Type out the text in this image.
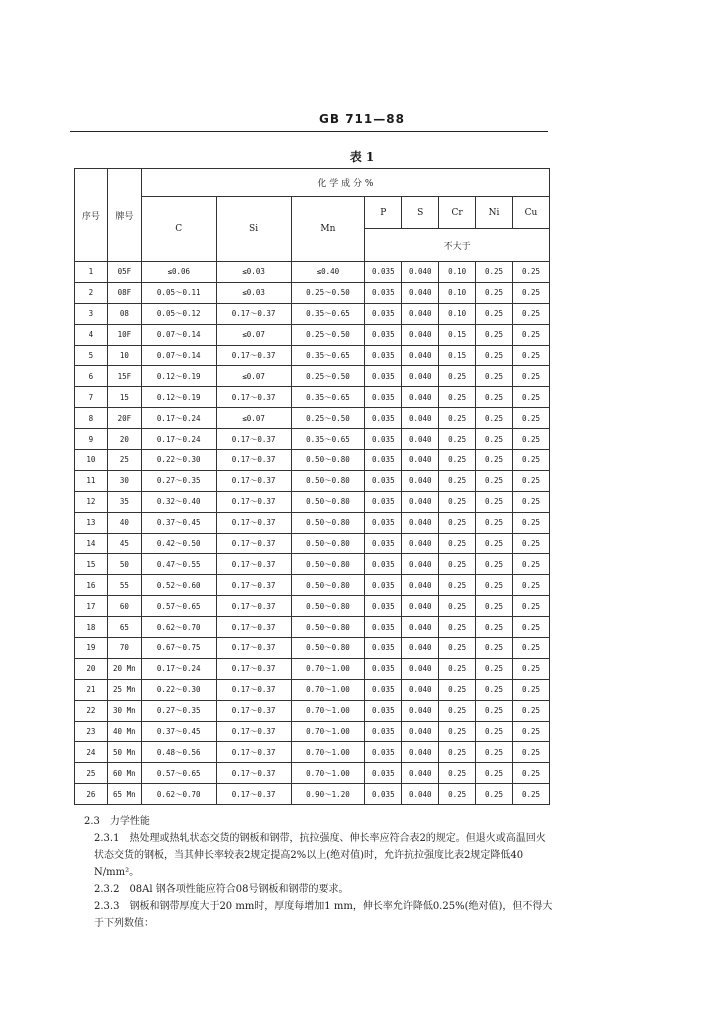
GB 711—88
表 1
序号	牌号	化 学 成 分 %							
		C	Si	Mn	P	S	Cr	Ni	Cu
					不大于				
1	05F	≤0.06	≤0.03	≤0.40	0.035	0.040	0.10	0.25	0.25
2	08F	0.05～0.11	≤0.03	0.25～0.50	0.035	0.040	0.10	0.25	0.25
3	08	0.05～0.12	0.17～0.37	0.35～0.65	0.035	0.040	0.10	0.25	0.25
4	10F	0.07～0.14	≤0.07	0.25～0.50	0.035	0.040	0.15	0.25	0.25
5	10	0.07～0.14	0.17～0.37	0.35～0.65	0.035	0.040	0.15	0.25	0.25
6	15F	0.12～0.19	≤0.07	0.25～0.50	0.035	0.040	0.25	0.25	0.25
7	15	0.12～0.19	0.17～0.37	0.35～0.65	0.035	0.040	0.25	0.25	0.25
8	20F	0.17～0.24	≤0.07	0.25～0.50	0.035	0.040	0.25	0.25	0.25
9	20	0.17～0.24	0.17～0.37	0.35～0.65	0.035	0.040	0.25	0.25	0.25
10	25	0.22～0.30	0.17～0.37	0.50～0.80	0.035	0.040	0.25	0.25	0.25
11	30	0.27～0.35	0.17～0.37	0.50～0.80	0.035	0.040	0.25	0.25	0.25
12	35	0.32～0.40	0.17～0.37	0.50～0.80	0.035	0.040	0.25	0.25	0.25
13	40	0.37～0.45	0.17～0.37	0.50～0.80	0.035	0.040	0.25	0.25	0.25
14	45	0.42～0.50	0.17～0.37	0.50～0.80	0.035	0.040	0.25	0.25	0.25
15	50	0.47～0.55	0.17～0.37	0.50～0.80	0.035	0.040	0.25	0.25	0.25
16	55	0.52～0.60	0.17～0.37	0.50～0.80	0.035	0.040	0.25	0.25	0.25
17	60	0.57～0.65	0.17～0.37	0.50～0.80	0.035	0.040	0.25	0.25	0.25
18	65	0.62～0.70	0.17～0.37	0.50～0.80	0.035	0.040	0.25	0.25	0.25
19	70	0.67～0.75	0.17～0.37	0.50～0.80	0.035	0.040	0.25	0.25	0.25
20	20 Mn	0.17～0.24	0.17～0.37	0.70～1.00	0.035	0.040	0.25	0.25	0.25
21	25 Mn	0.22～0.30	0.17～0.37	0.70～1.00	0.035	0.040	0.25	0.25	0.25
22	30 Mn	0.27～0.35	0.17～0.37	0.70～1.00	0.035	0.040	0.25	0.25	0.25
23	40 Mn	0.37～0.45	0.17～0.37	0.70～1.00	0.035	0.040	0.25	0.25	0.25
24	50 Mn	0.48～0.56	0.17～0.37	0.70～1.00	0.035	0.040	0.25	0.25	0.25
25	60 Mn	0.57～0.65	0.17～0.37	0.70～1.00	0.035	0.040	0.25	0.25	0.25
26	65 Mn	0.62～0.70	0.17～0.37	0.90～1.20	0.035	0.040	0.25	0.25	0.25

2.3　力学性能

2.3.1　热处理或热轧状态交货的钢板和钢带，抗拉强度、伸长率应符合表2的规定。但退火或高温回火状态交货的钢板，当其伸长率较表2规定提高2%以上(绝对值)时，允许抗拉强度比表2规定降低40 N/mm²。

2.3.2　08Al 钢各项性能应符合08号钢板和钢带的要求。

2.3.3　钢板和钢带厚度大于20 mm时，厚度每增加1 mm，伸长率允许降低0.25%(绝对值)，但不得大于下列数值：
